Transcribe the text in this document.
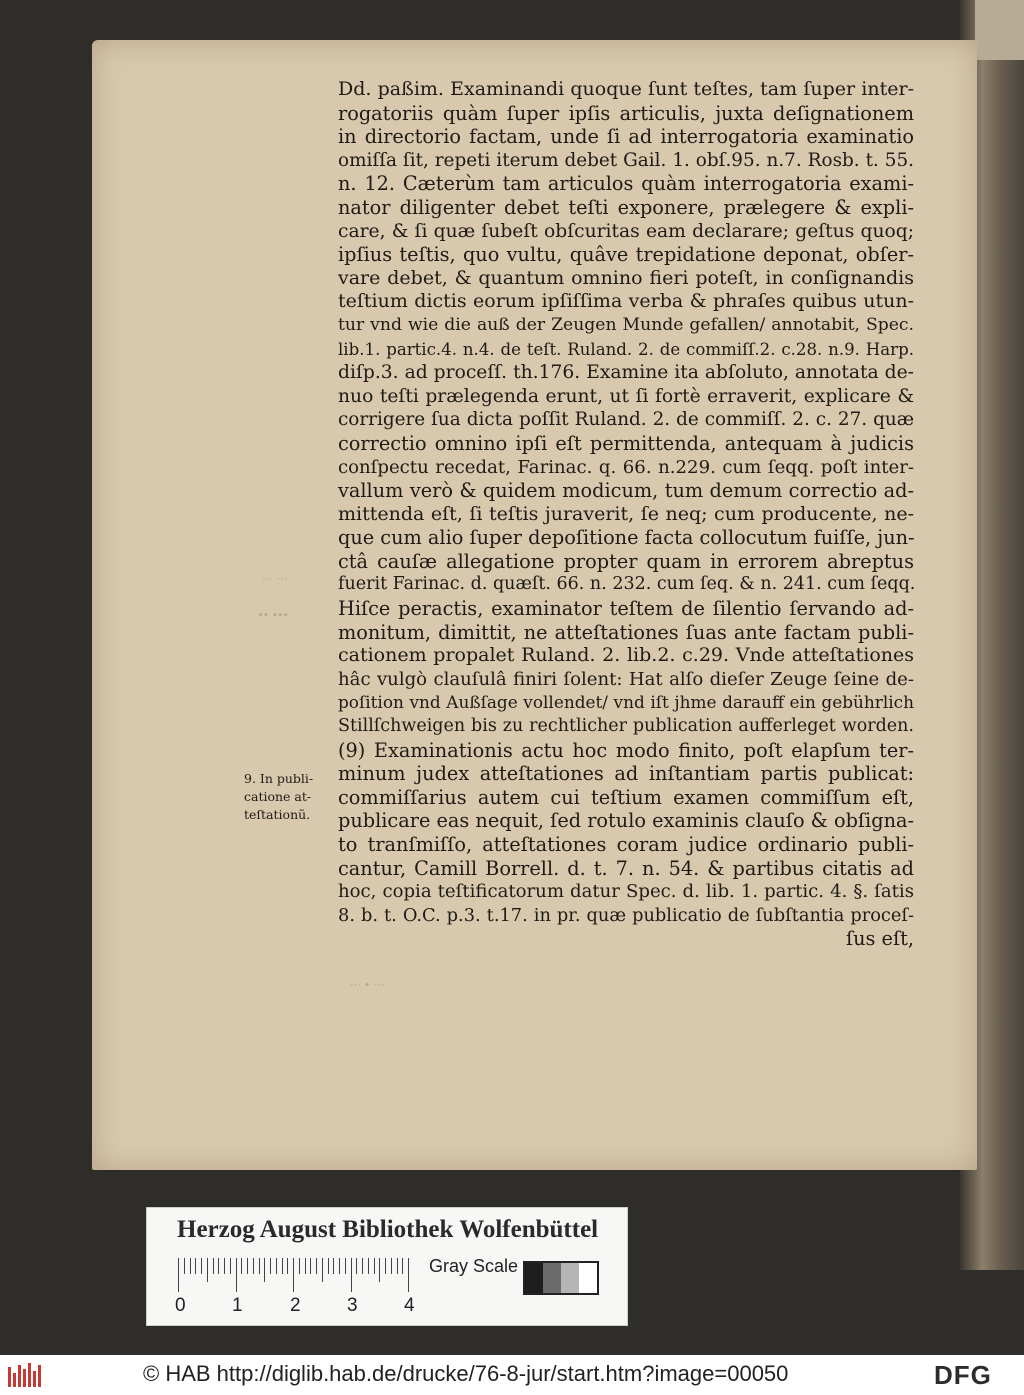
⋯ ⋯
∙∙ ∙∙∙
⋯ ∙ ⋯
9. In publi-
catione at-
teſtationũ.
Dd. paßim. Examinandi quoque ſunt teſtes, tam ſuper inter-
rogatoriis quàm ſuper ipſis articulis, juxta deſignationem
in directorio factam, unde ſi ad interrogatoria examinatio
omiſſa ſit, repeti iterum debet Gail. 1. obſ.95. n.7. Rosb. t. 55.
n. 12. Cæterùm tam articulos quàm interrogatoria exami-
nator diligenter debet teſti exponere, prælegere & expli-
care, & ſi quæ ſubeſt obſcuritas eam declarare; geſtus quoq;
ipſius teſtis, quo vultu, quâve trepidatione deponat, obſer-
vare debet, & quantum omnino fieri poteſt, in conſignandis
teſtium dictis eorum ipſiſſima verba & phraſes quibus utun-
tur vnd wie die auß der Zeugen Munde gefallen/ annotabit, Spec.
lib.1. partic.4. n.4. de teſt. Ruland. 2. de commiſſ.2. c.28. n.9. Harp.
diſp.3. ad proceſſ. th.176. Examine ita abſoluto, annotata de-
nuo teſti prælegenda erunt, ut ſi fortè erraverit, explicare &
corrigere ſua dicta poſſit Ruland. 2. de commiſſ. 2. c. 27. quæ
correctio omnino ipſi eſt permittenda, antequam à judicis
conſpectu recedat, Farinac. q. 66. n.229. cum ſeqq. poſt inter-
vallum verò & quidem modicum, tum demum correctio ad-
mittenda eſt, ſi teſtis juraverit, ſe neq; cum producente, ne-
que cum alio ſuper depoſitione facta collocutum fuiſſe, jun-
ctâ cauſæ allegatione propter quam in errorem abreptus
fuerit Farinac. d. quæſt. 66. n. 232. cum ſeq. & n. 241. cum ſeqq.
Hiſce peractis, examinator teſtem de ſilentio ſervando ad-
monitum, dimittit, ne atteſtationes ſuas ante factam publi-
cationem propalet Ruland. 2. lib.2. c.29. Vnde atteſtationes
hâc vulgò clauſulâ finiri ſolent: Hat alſo dieſer Zeuge ſeine de-
poſition vnd Außſage vollendet/ vnd iſt jhme darauff ein gebührlich
Stillſchweigen bis zu rechtlicher publication aufferleget worden.
(9) Examinationis actu hoc modo finito, poſt elapſum ter-
minum judex atteſtationes ad inſtantiam partis publicat:
commiſſarius autem cui teſtium examen commiſſum eſt,
publicare eas nequit, ſed rotulo examinis clauſo & obſigna-
to tranſmiſſo, atteſtationes coram judice ordinario publi-
cantur, Camill Borrell. d. t. 7. n. 54. & partibus citatis ad
hoc, copia teſtificatorum datur Spec. d. lib. 1. partic. 4. §. ſatis
8. b. t. O.C. p.3. t.17. in pr. quæ publicatio de ſubſtantia proceſ-
ſus eſt,
Herzog August Bibliothek Wolfenbüttel
0 1 2 3 4
Gray Scale
© HAB http://diglib.hab.de/drucke/76-8-jur/start.htm?image=00050	DFG
